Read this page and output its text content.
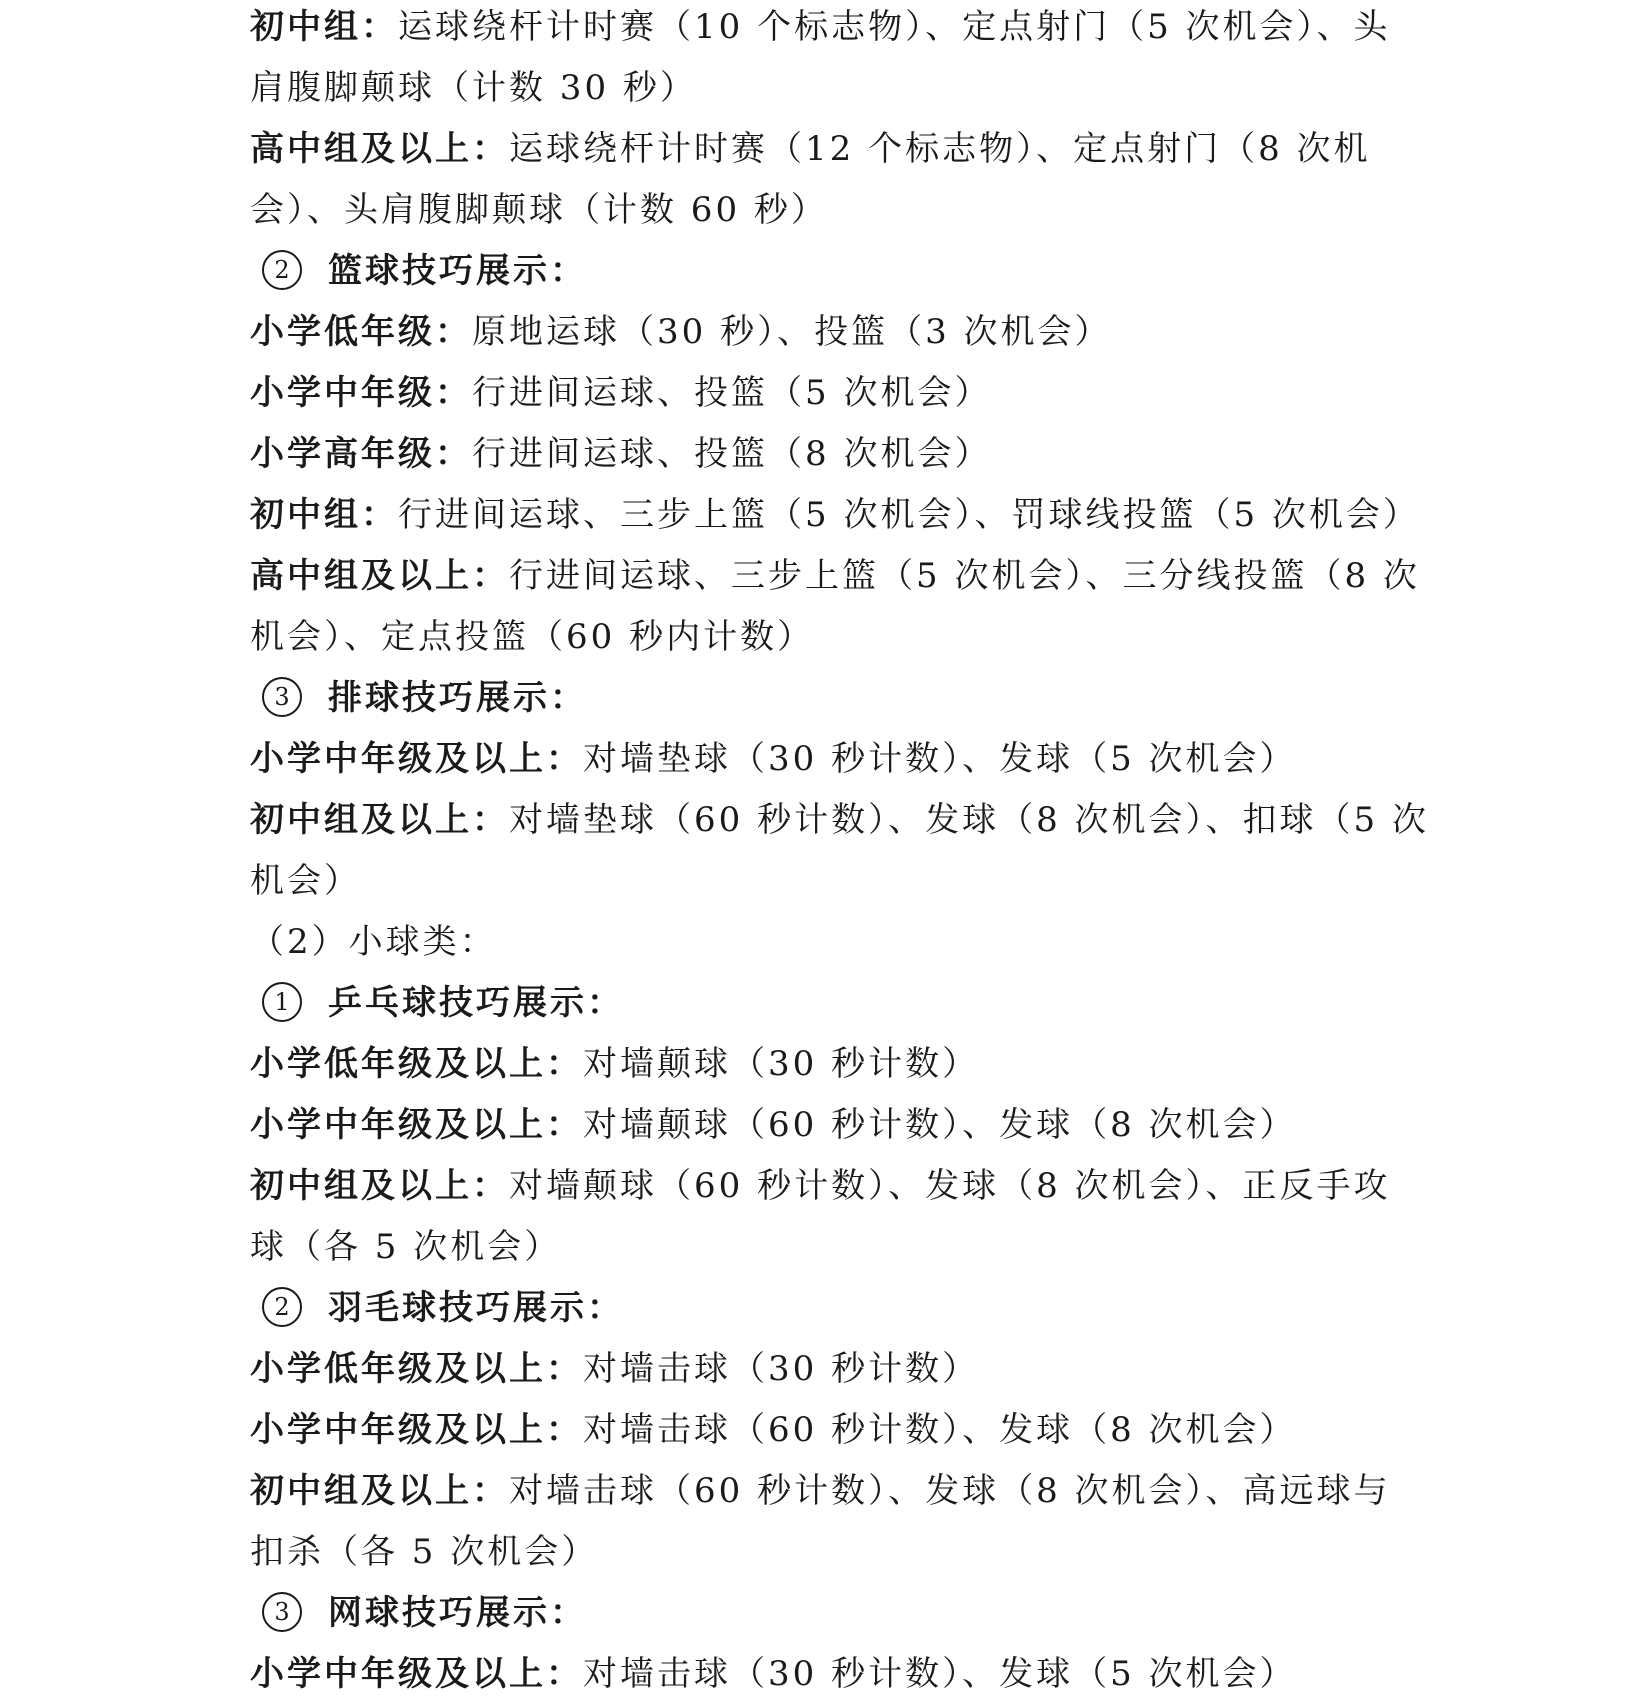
初中组：运球绕杆计时赛（10 个标志物）、定点射门（5 次机会）、头
肩腹脚颠球（计数 30 秒）
高中组及以上：运球绕杆计时赛（12 个标志物）、定点射门（8 次机
会）、头肩腹脚颠球（计数 60 秒）
2 篮球技巧展示：
小学低年级：原地运球（30 秒）、投篮（3 次机会）
小学中年级：行进间运球、投篮（5 次机会）
小学高年级：行进间运球、投篮（8 次机会）
初中组：行进间运球、三步上篮（5 次机会）、罚球线投篮（5 次机会）
高中组及以上：行进间运球、三步上篮（5 次机会）、三分线投篮（8 次
机会）、定点投篮（60 秒内计数）
3 排球技巧展示：
小学中年级及以上：对墙垫球（30 秒计数）、发球（5 次机会）
初中组及以上：对墙垫球（60 秒计数）、发球（8 次机会）、扣球（5 次
机会）
（2）小球类：
1 乒乓球技巧展示：
小学低年级及以上：对墙颠球（30 秒计数）
小学中年级及以上：对墙颠球（60 秒计数）、发球（8 次机会）
初中组及以上：对墙颠球（60 秒计数）、发球（8 次机会）、正反手攻
球（各 5 次机会）
2 羽毛球技巧展示：
小学低年级及以上：对墙击球（30 秒计数）
小学中年级及以上：对墙击球（60 秒计数）、发球（8 次机会）
初中组及以上：对墙击球（60 秒计数）、发球（8 次机会）、高远球与
扣杀（各 5 次机会）
3 网球技巧展示：
小学中年级及以上：对墙击球（30 秒计数）、发球（5 次机会）
